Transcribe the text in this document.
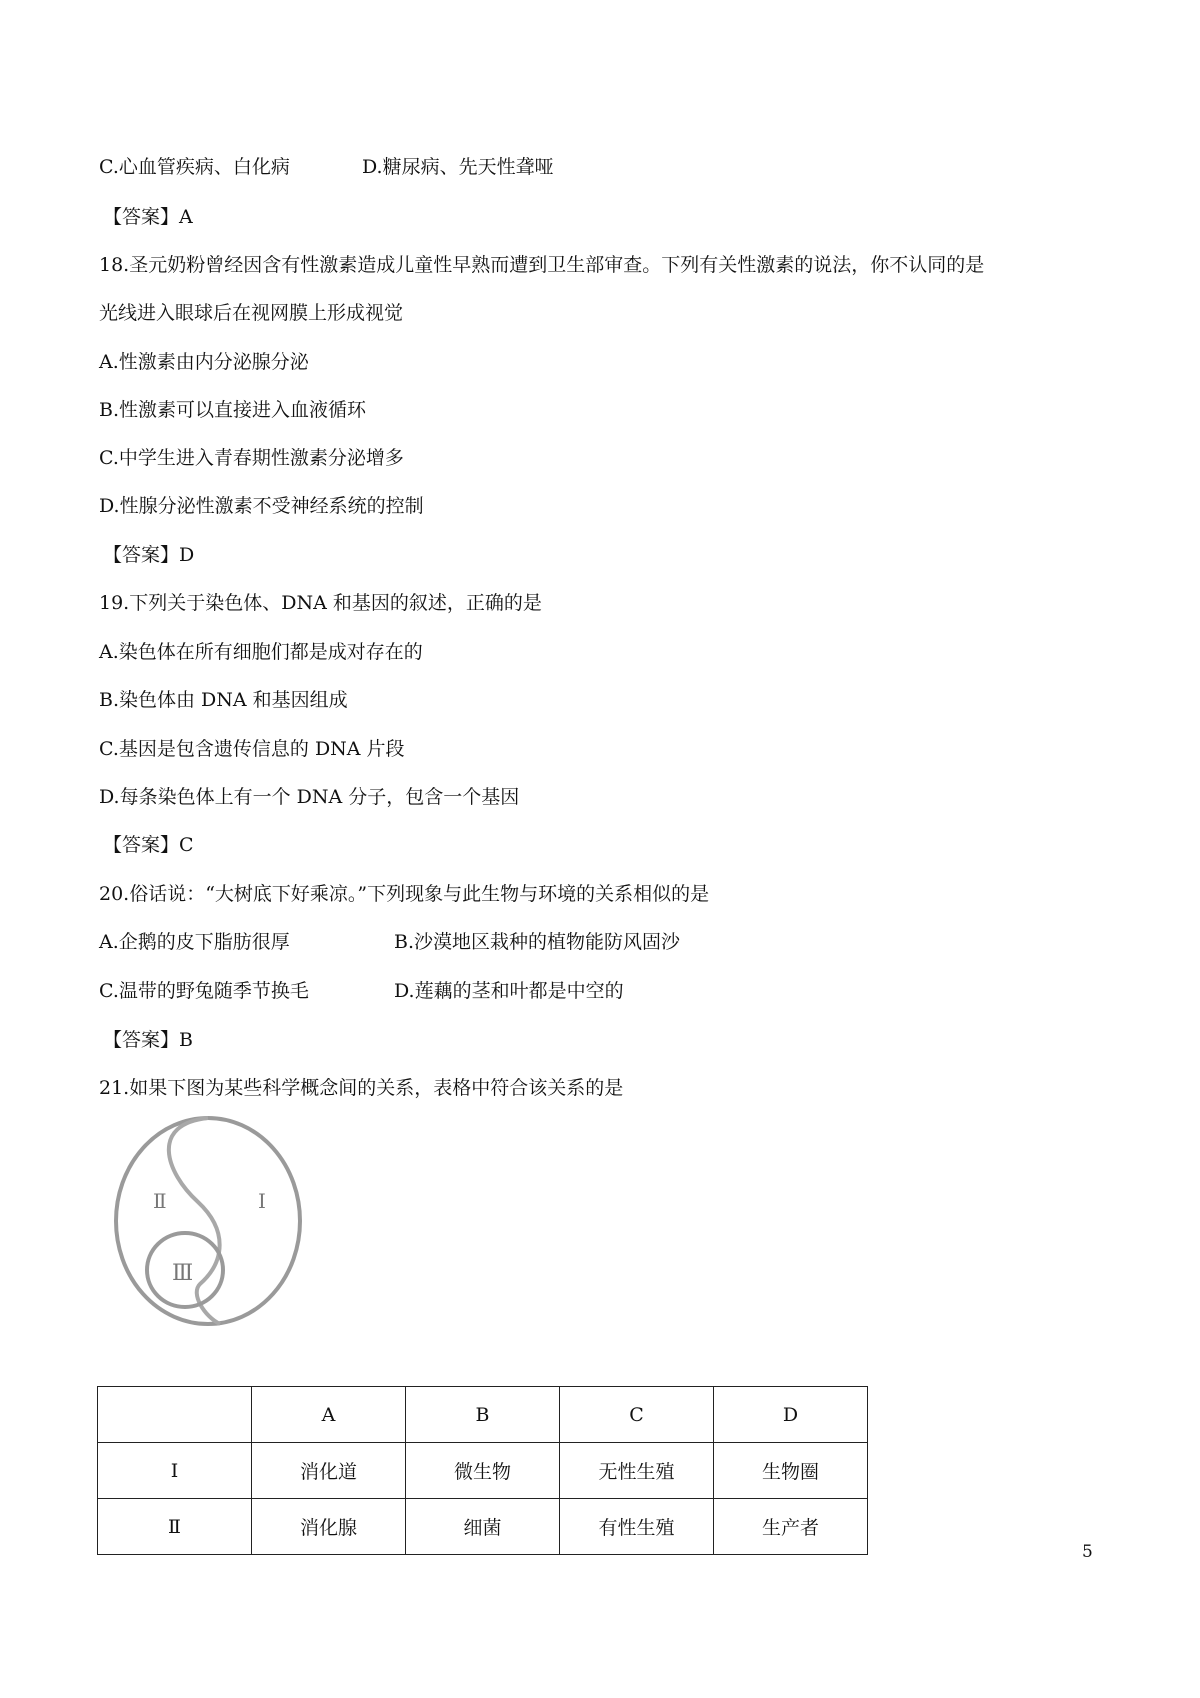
C.心血管疾病、白化病	D.糖尿病、先天性聋哑
【答案】A
18.圣元奶粉曾经因含有性激素造成儿童性早熟而遭到卫生部审查。下列有关性激素的说法，你不认同的是
光线进入眼球后在视网膜上形成视觉
A.性激素由内分泌腺分泌
B.性激素可以直接进入血液循环
C.中学生进入青春期性激素分泌增多
D.性腺分泌性激素不受神经系统的控制
【答案】D
19.下列关于染色体、DNA 和基因的叙述，正确的是
A.染色体在所有细胞们都是成对存在的
B.染色体由 DNA 和基因组成
C.基因是包含遗传信息的 DNA 片段
D.每条染色体上有一个 DNA 分子，包含一个基因
【答案】C
20.俗话说：“大树底下好乘凉。”下列现象与此生物与环境的关系相似的是
A.企鹅的皮下脂肪很厚	B.沙漠地区栽种的植物能防风固沙
C.温带的野兔随季节换毛	D.莲藕的茎和叶都是中空的
【答案】B
21.如果下图为某些科学概念间的关系，表格中符合该关系的是
Ⅱ	Ⅰ
Ⅲ
	A	B	C	D
Ⅰ	消化道	微生物	无性生殖	生物圈
Ⅱ	消化腺	细菌	有性生殖	生产者
5
